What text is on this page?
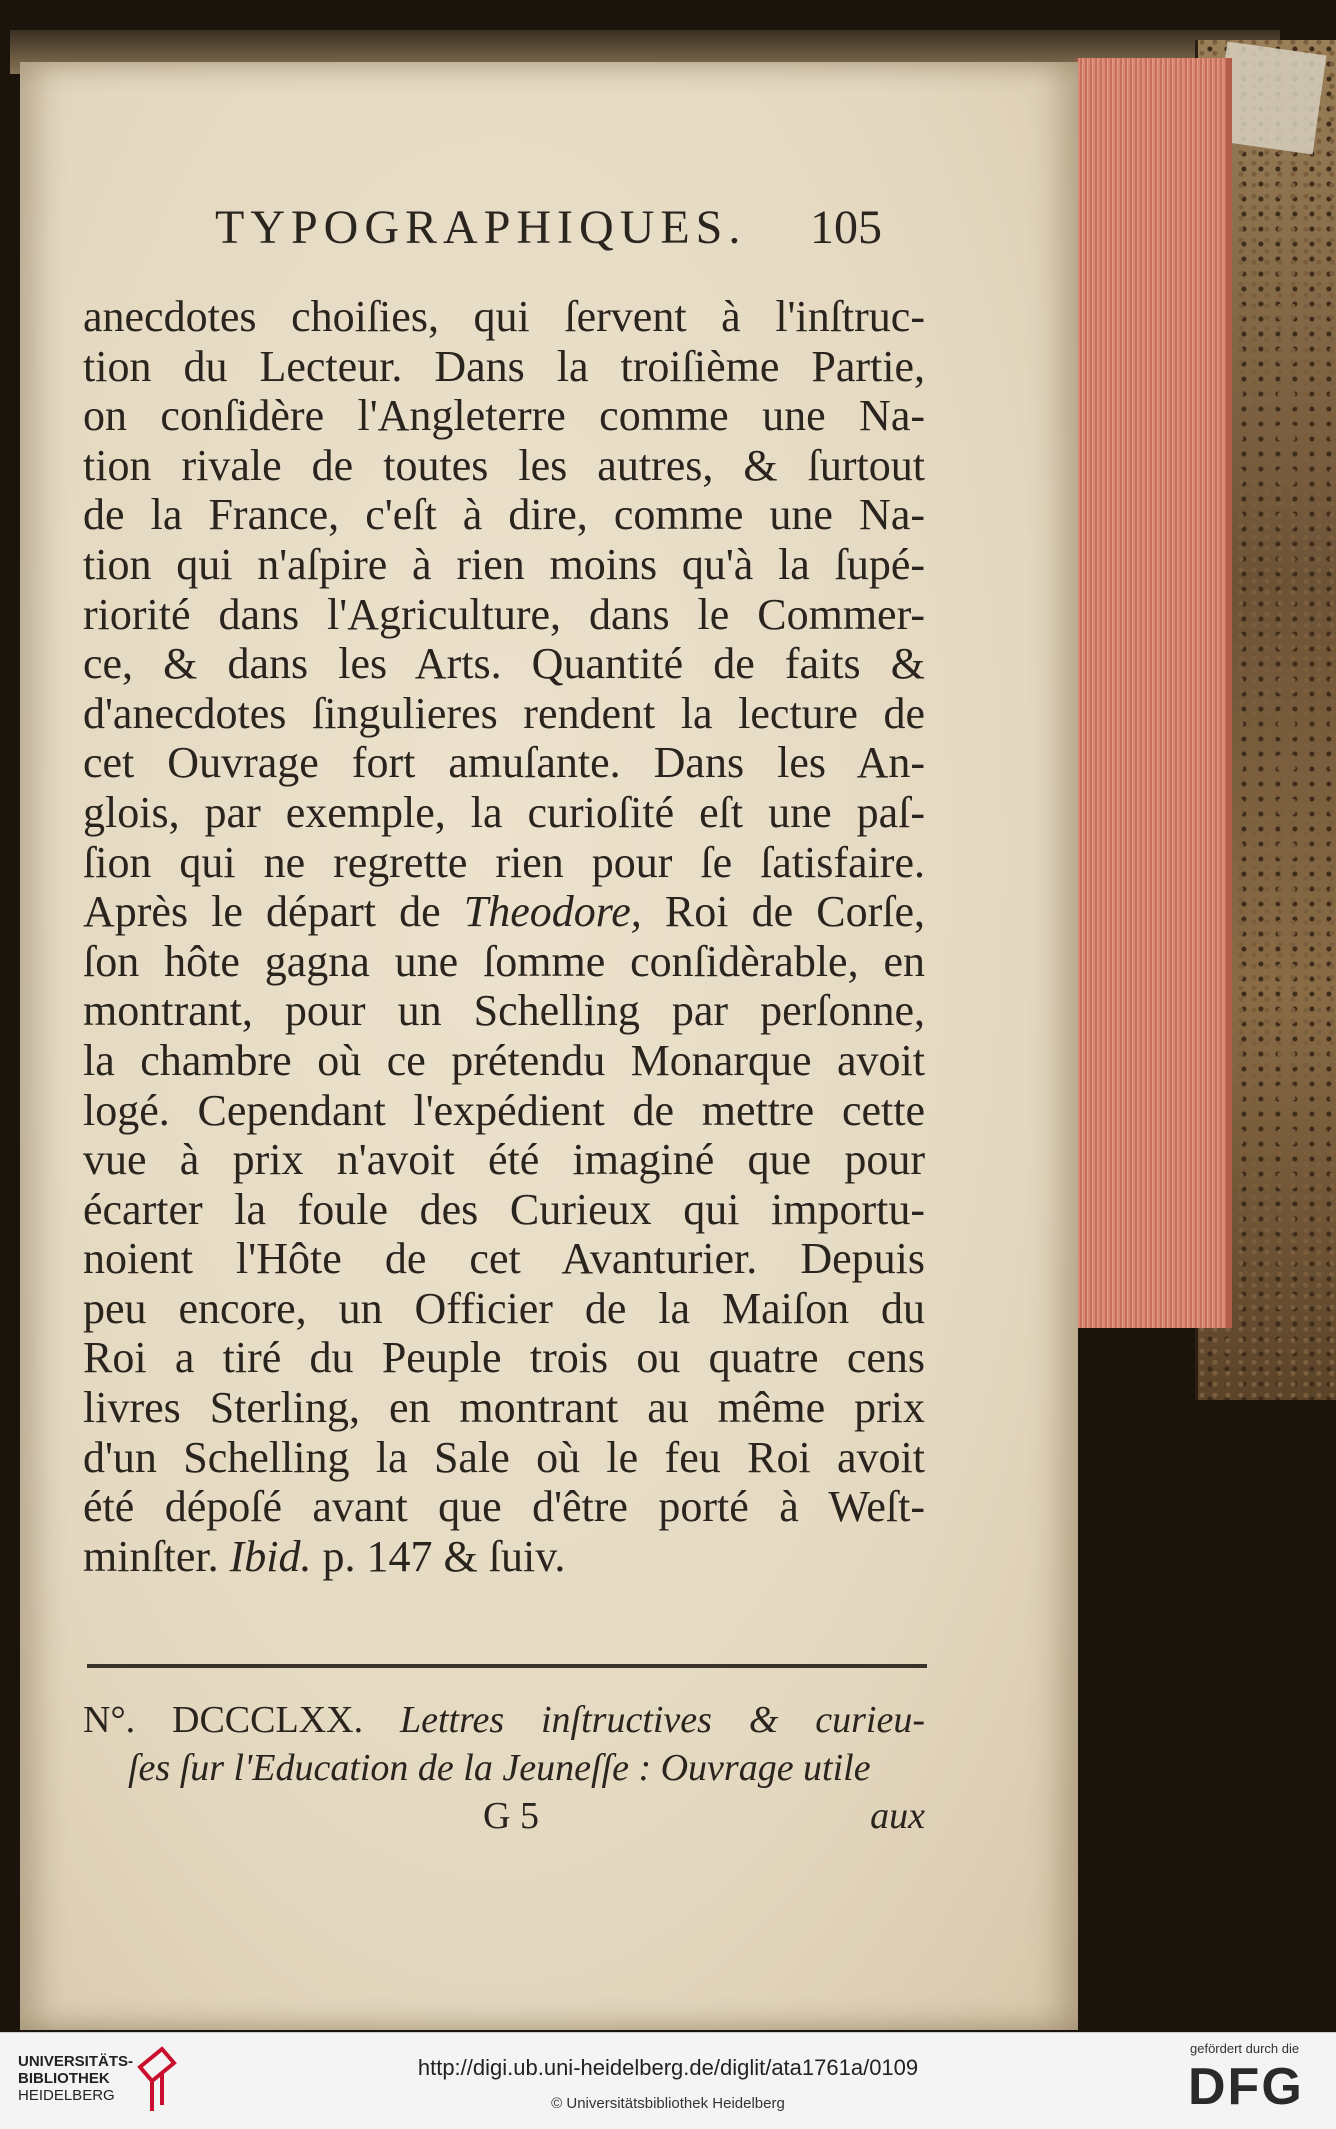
TYPOGRAPHIQUES. 105
anecdotes choiſies, qui ſervent à l'inſtruc-
tion du Lecteur. Dans la troiſième Partie,
on conſidère l'Angleterre comme une Na-
tion rivale de toutes les autres, & ſurtout
de la France, c'eſt à dire, comme une Na-
tion qui n'aſpire à rien moins qu'à la ſupé-
riorité dans l'Agriculture, dans le Commer-
ce, & dans les Arts. Quantité de faits &
d'anecdotes ſingulieres rendent la lecture de
cet Ouvrage fort amuſante. Dans les An-
glois, par exemple, la curioſité eſt une paſ-
ſion qui ne regrette rien pour ſe ſatisfaire.
Après le départ de Theodore, Roi de Corſe,
ſon hôte gagna une ſomme conſidèrable, en
montrant, pour un Schelling par perſonne,
la chambre où ce prétendu Monarque avoit
logé. Cependant l'expédient de mettre cette
vue à prix n'avoit été imaginé que pour
écarter la foule des Curieux qui importu-
noient l'Hôte de cet Avanturier. Depuis
peu encore, un Officier de la Maiſon du
Roi a tiré du Peuple trois ou quatre cens
livres Sterling, en montrant au même prix
d'un Schelling la Sale où le feu Roi avoit
été dépoſé avant que d'être porté à Weſt-
minſter. Ibid. p. 147 & ſuiv.
N°. DCCCLXX. Lettres inſtructives & curieu-
ſes ſur l'Education de la Jeuneſſe : Ouvrage utile
G 5	aux
UNIVERSITÄTS-
BIBLIOTHEK
HEIDELBERG
http://digi.ub.uni-heidelberg.de/diglit/ata1761a/0109
© Universitätsbibliothek Heidelberg
gefördert durch die
DFG
